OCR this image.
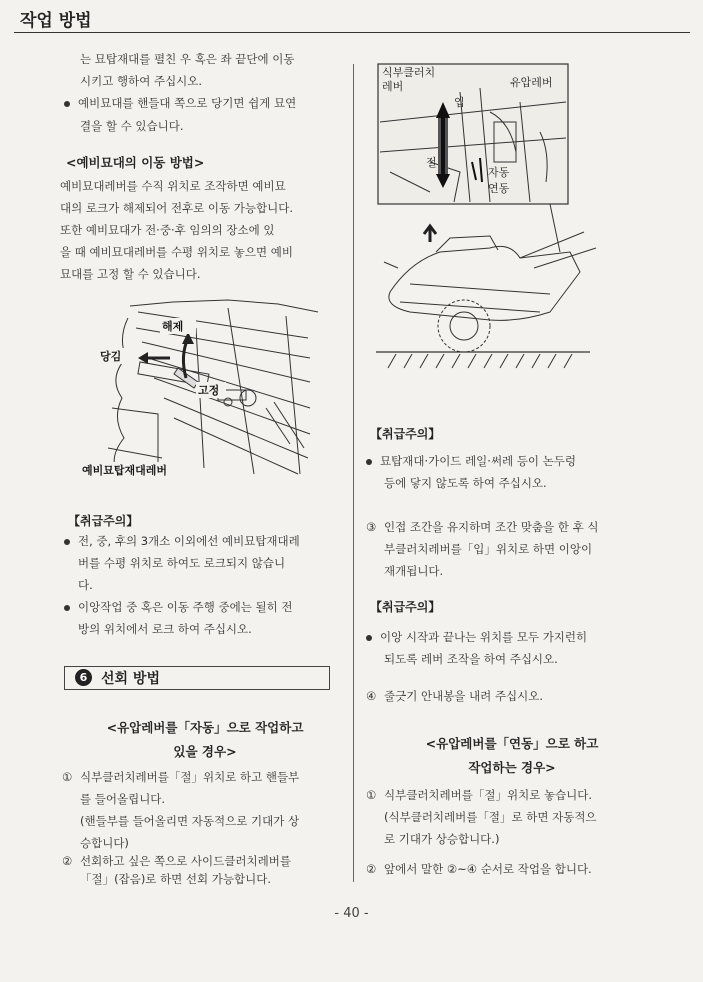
작업 방법
는 묘탑재대를 펼친 우 혹은 좌 끝단에 이동
시키고 행하여 주십시오.
예비묘대를 핸들대 쪽으로 당기면 쉽게 묘연
결을 할 수 있습니다.
<예비묘대의 이동 방법>
예비묘대레버를 수직 위치로 조작하면 예비묘
대의 로크가 해제되어 전후로 이동 가능합니다.
또한 예비묘대가 전·중·후 임의의 장소에 있
을 때 예비묘대레버를 수평 위치로 놓으면 예비
묘대를 고정 할 수 있습니다.
해제
당김
고정
예비묘탑재대레버
【취급주의】
전, 중, 후의 3개소 이외에선 예비묘탑재대레
버를 수평 위치로 하여도 로크되지 않습니
다.
이앙작업 중 혹은 이동 주행 중에는 될히 전
방의 위치에서 로크 하여 주십시오.
6 선회 방법
<유압레버를「자동」으로 작업하고
있을 경우>
① 식부클러치레버를「절」위치로 하고 핸들부
를 들어올립니다.
(핸들부를 들어올리면 자동적으로 기대가 상
승합니다)
② 선회하고 싶은 쪽으로 사이드클러치레버를
「절」(잡음)로 하면 선회 가능합니다.
식부클러치
레버	유압레버
입
절
자동
연동
【취급주의】
묘탑재대·가이드 레일·써레 등이 논두렁
등에 닿지 않도록 하여 주십시오.
③ 인접 조간을 유지하며 조간 맞춤을 한 후 식
부클러치레버를「입」위치로 하면 이앙이
재개됩니다.
【취급주의】
이앙 시작과 끝나는 위치를 모두 가지런히
되도록 레버 조작을 하여 주십시오.
④ 줄긋기 안내봉을 내려 주십시오.
<유압레버를「연동」으로 하고
작업하는 경우>
① 식부클러치레버를「절」위치로 놓습니다.
(식부클러치레버를「절」로 하면 자동적으
로 기대가 상승합니다.)
② 앞에서 말한 ②~④ 순서로 작업을 합니다.
- 40 -
